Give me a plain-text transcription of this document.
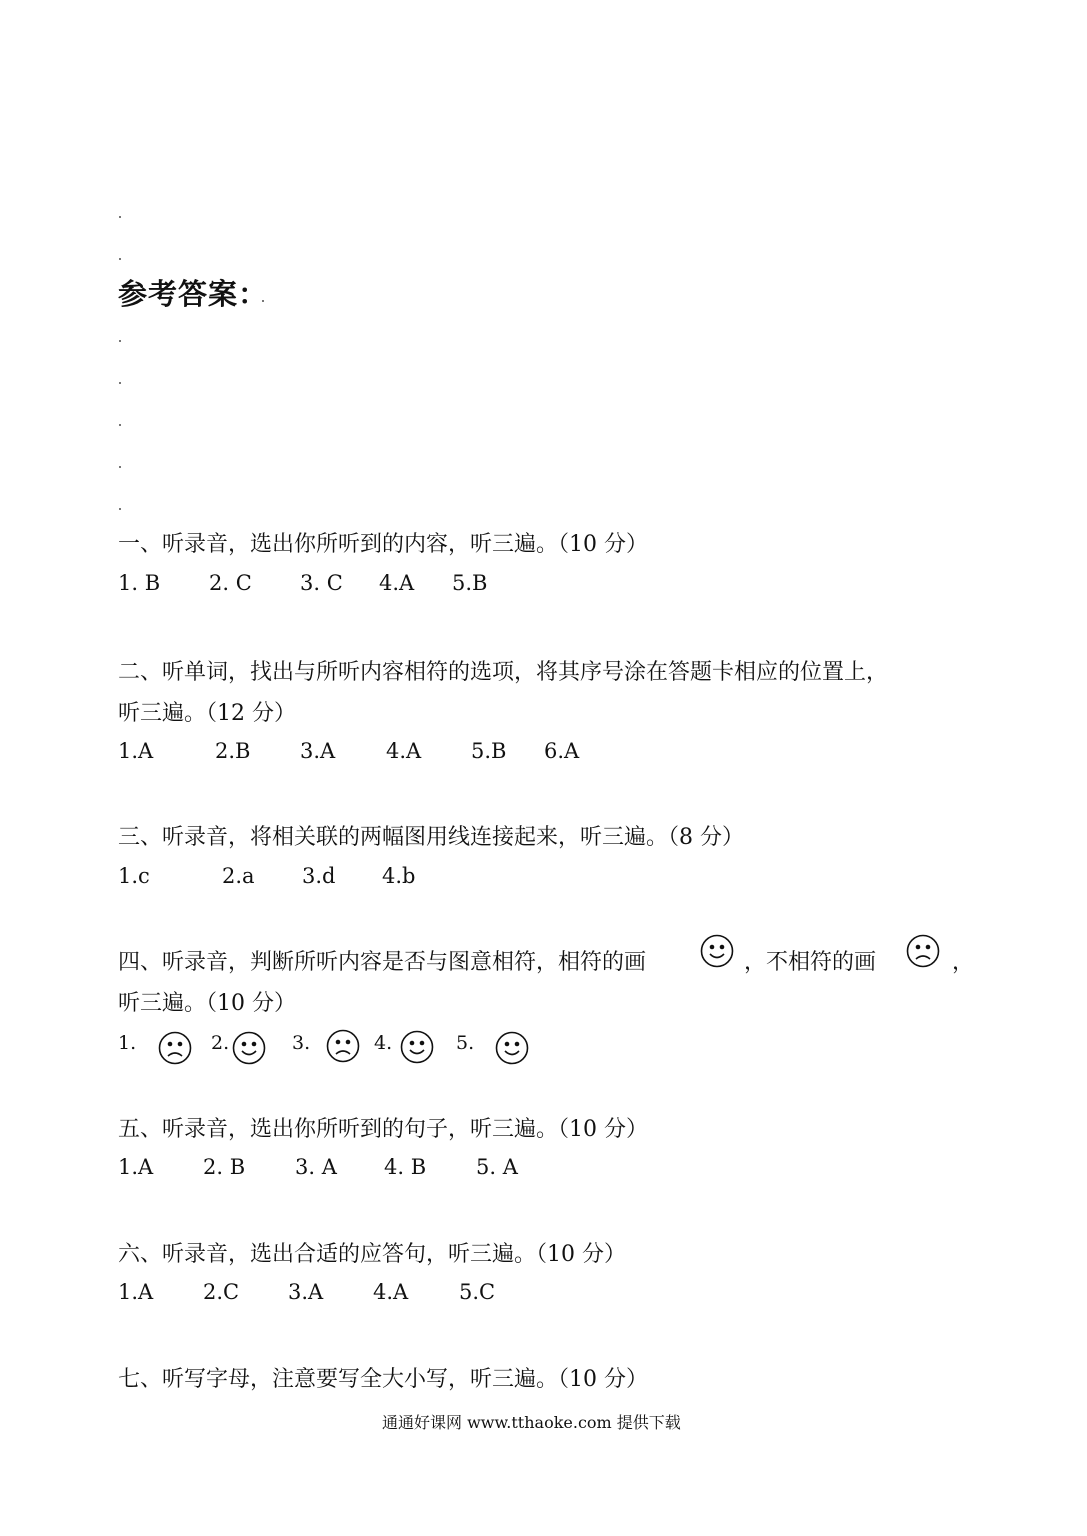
参考答案：
一、听录音，选出你所听到的内容，听三遍。（10 分）
1. B 2. C 3. C 4.A 5.B
二、听单词，找出与所听内容相符的选项，将其序号涂在答题卡相应的位置上，
听三遍。（12 分）
1.A	2.B 3.A 4.A 5.B 6.A
三、听录音，将相关联的两幅图用线连接起来，听三遍。（8 分）
1.c	2.a 3.d 4.b
四、听录音，判断所听内容是否与图意相符，相符的画	，不相符的画	，
听三遍。（10 分）
1.	2.	3.	4.	5.
五、听录音，选出你所听到的句子，听三遍。（10 分）
1.A 2. B 3. A 4. B 5. A
六、听录音，选出合适的应答句，听三遍。（10 分）
1.A 2.C 3.A 4.A 5.C
七、听写字母，注意要写全大小写，听三遍。（10 分）
通通好课网 www.tthaoke.com 提供下载
